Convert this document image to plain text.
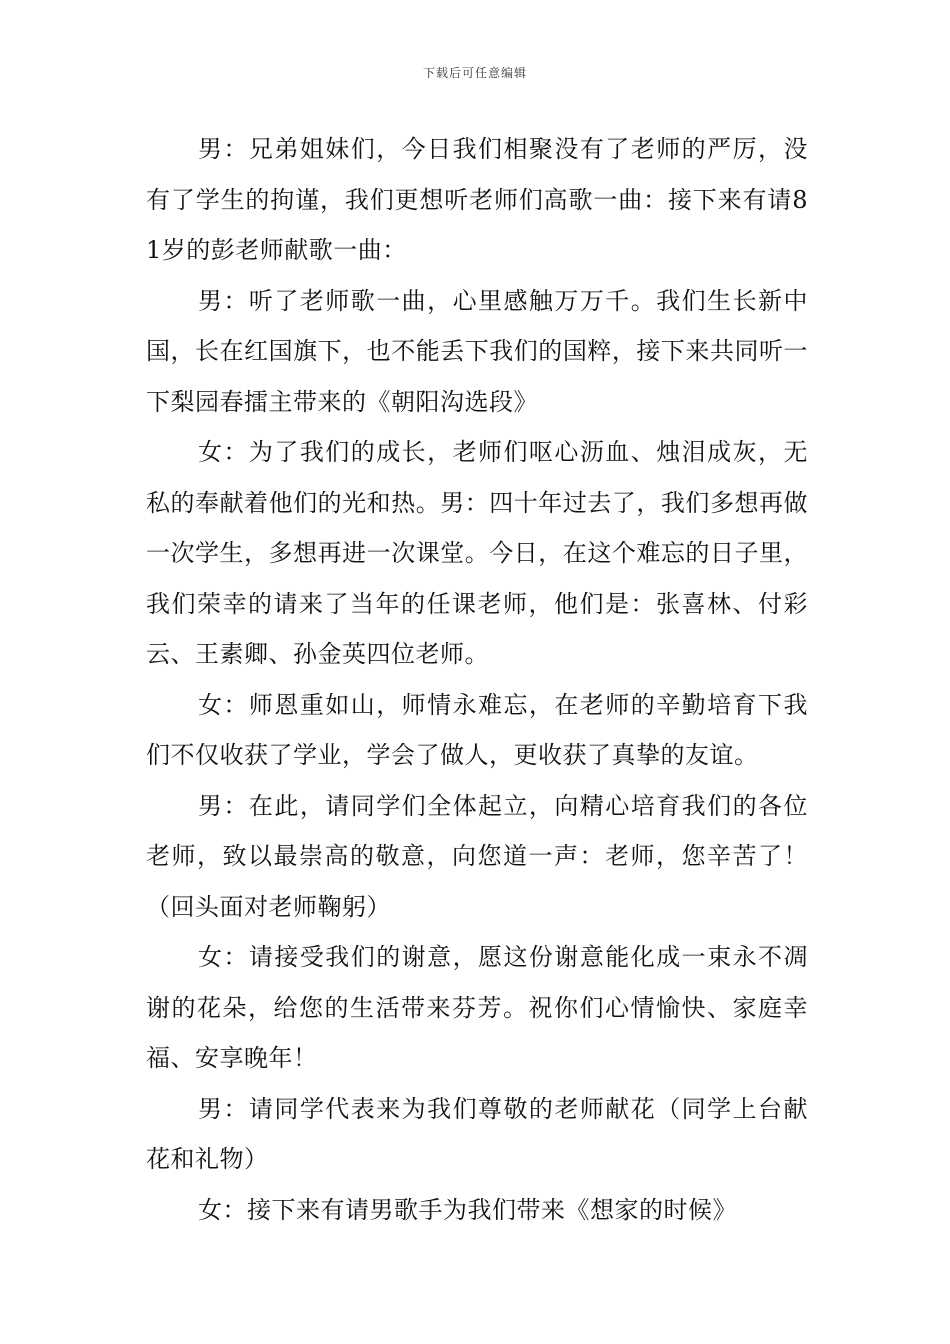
下载后可任意编辑

男：兄弟姐妹们，今日我们相聚没有了老师的严厉，没有了学生的拘谨，我们更想听老师们高歌一曲：接下来有请81岁的彭老师献歌一曲：

男：听了老师歌一曲，心里感触万万千。我们生长新中国，长在红国旗下，也不能丢下我们的国粹，接下来共同听一下梨园春擂主带来的《朝阳沟选段》

女：为了我们的成长，老师们呕心沥血、烛泪成灰，无私的奉献着他们的光和热。男：四十年过去了，我们多想再做一次学生，多想再进一次课堂。今日，在这个难忘的日子里，我们荣幸的请来了当年的任课老师，他们是：张喜林、付彩云、王素卿、孙金英四位老师。

女：师恩重如山，师情永难忘，在老师的辛勤培育下我们不仅收获了学业，学会了做人，更收获了真挚的友谊。

男：在此，请同学们全体起立，向精心培育我们的各位老师，致以最崇高的敬意，向您道一声：老师，您辛苦了！（回头面对老师鞠躬）

女：请接受我们的谢意，愿这份谢意能化成一束永不凋谢的花朵，给您的生活带来芬芳。祝你们心情愉快、家庭幸福、安享晚年！

男：请同学代表来为我们尊敬的老师献花（同学上台献花和礼物）

女：接下来有请男歌手为我们带来《想家的时候》
